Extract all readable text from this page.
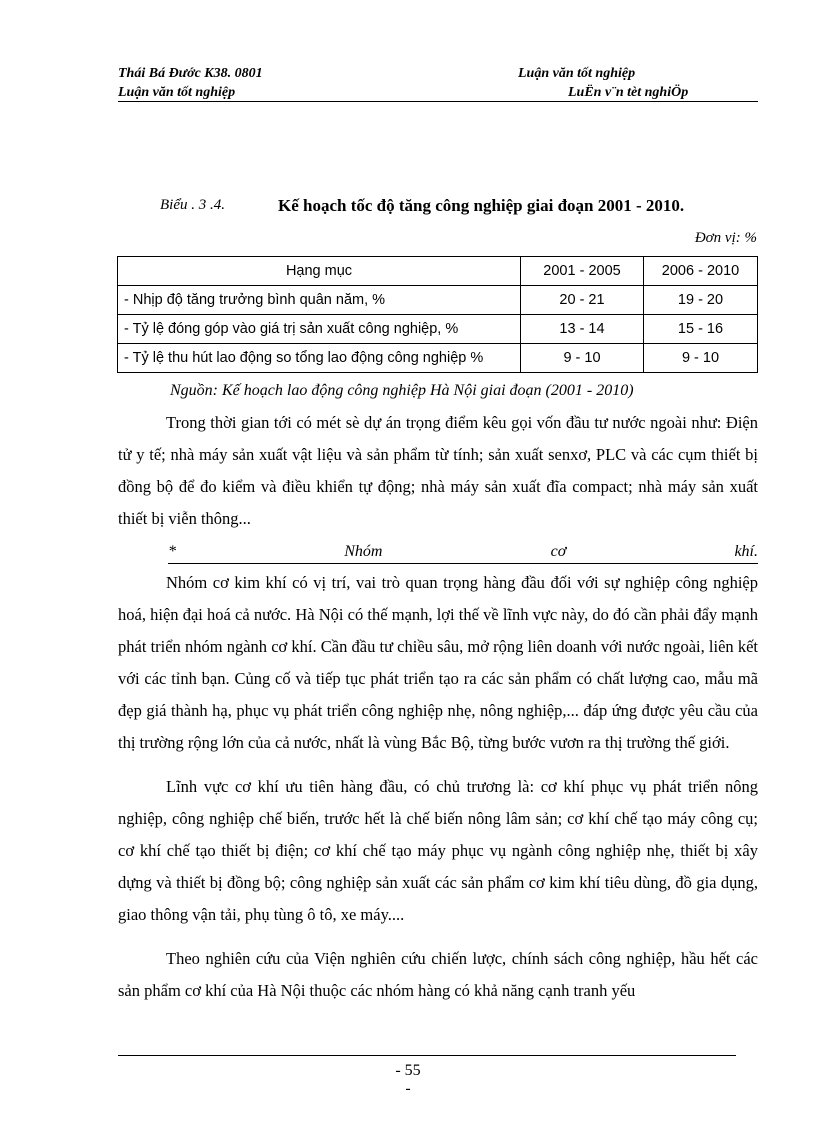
Thái Bá Đước K38. 0801	Luận văn tốt nghiệp
Luận văn tốt nghiệp	LuËn v¨n tèt nghiÖp
Biểu . 3 .4.	Kế hoạch tốc độ tăng công nghiệp giai đoạn 2001 - 2010.
Đơn vị: %
Hạng mục	2001 - 2005	2006 - 2010
- Nhịp độ tăng trưởng bình quân năm, %	20 - 21	19 - 20
- Tỷ lệ đóng góp vào giá trị sản xuất công nghiệp, %	13 - 14	15 - 16
- Tỷ lệ thu hút lao động so tổng lao động công nghiệp %	9 - 10	9 - 10
Nguồn: Kế hoạch lao động công nghiệp Hà Nội giai đoạn (2001 - 2010)

Trong thời gian tới có mét sè dự án trọng điểm kêu gọi vốn đầu tư nước ngoài như: Điện tử y tế; nhà máy sản xuất vật liệu và sản phẩm từ tính; sản xuất senxơ, PLC và các cụm thiết bị đồng bộ để đo kiểm và điều khiển tự động; nhà máy sản xuất đĩa compact; nhà máy sản xuất thiết bị viễn thông...

*	Nhóm	cơ	khí.

Nhóm cơ kim khí có vị trí, vai trò quan trọng hàng đầu đối với sự nghiệp công nghiệp hoá, hiện đại hoá cả nước. Hà Nội có thế mạnh, lợi thế về lĩnh vực này, do đó cần phải đẩy mạnh phát triển nhóm ngành cơ khí. Cần đầu tư chiều sâu, mở rộng liên doanh với nước ngoài, liên kết với các tỉnh bạn. Củng cố và tiếp tục phát triển tạo ra các sản phẩm có chất lượng cao, mẫu mã đẹp giá thành hạ, phục vụ phát triển công nghiệp nhẹ, nông nghiệp,... đáp ứng được yêu cầu của thị trường rộng lớn của cả nước, nhất là vùng Bắc Bộ, từng bước vươn ra thị trường thế giới.

Lĩnh vực cơ khí ưu tiên hàng đầu, có chủ trương là: cơ khí phục vụ phát triển nông nghiệp, công nghiệp chế biến, trước hết là chế biến nông lâm sản; cơ khí chế tạo máy công cụ; cơ khí chế tạo thiết bị điện; cơ khí chế tạo máy phục vụ ngành công nghiệp nhẹ, thiết bị xây dựng và thiết bị đồng bộ; công nghiệp sản xuất các sản phẩm cơ kim khí tiêu dùng, đồ gia dụng, giao thông vận tải, phụ tùng ô tô, xe máy....

Theo nghiên cứu của Viện nghiên cứu chiến lược, chính sách công nghiệp, hầu hết các sản phẩm cơ khí của Hà Nội thuộc các nhóm hàng có khả năng cạnh tranh yếu

- 55
-
